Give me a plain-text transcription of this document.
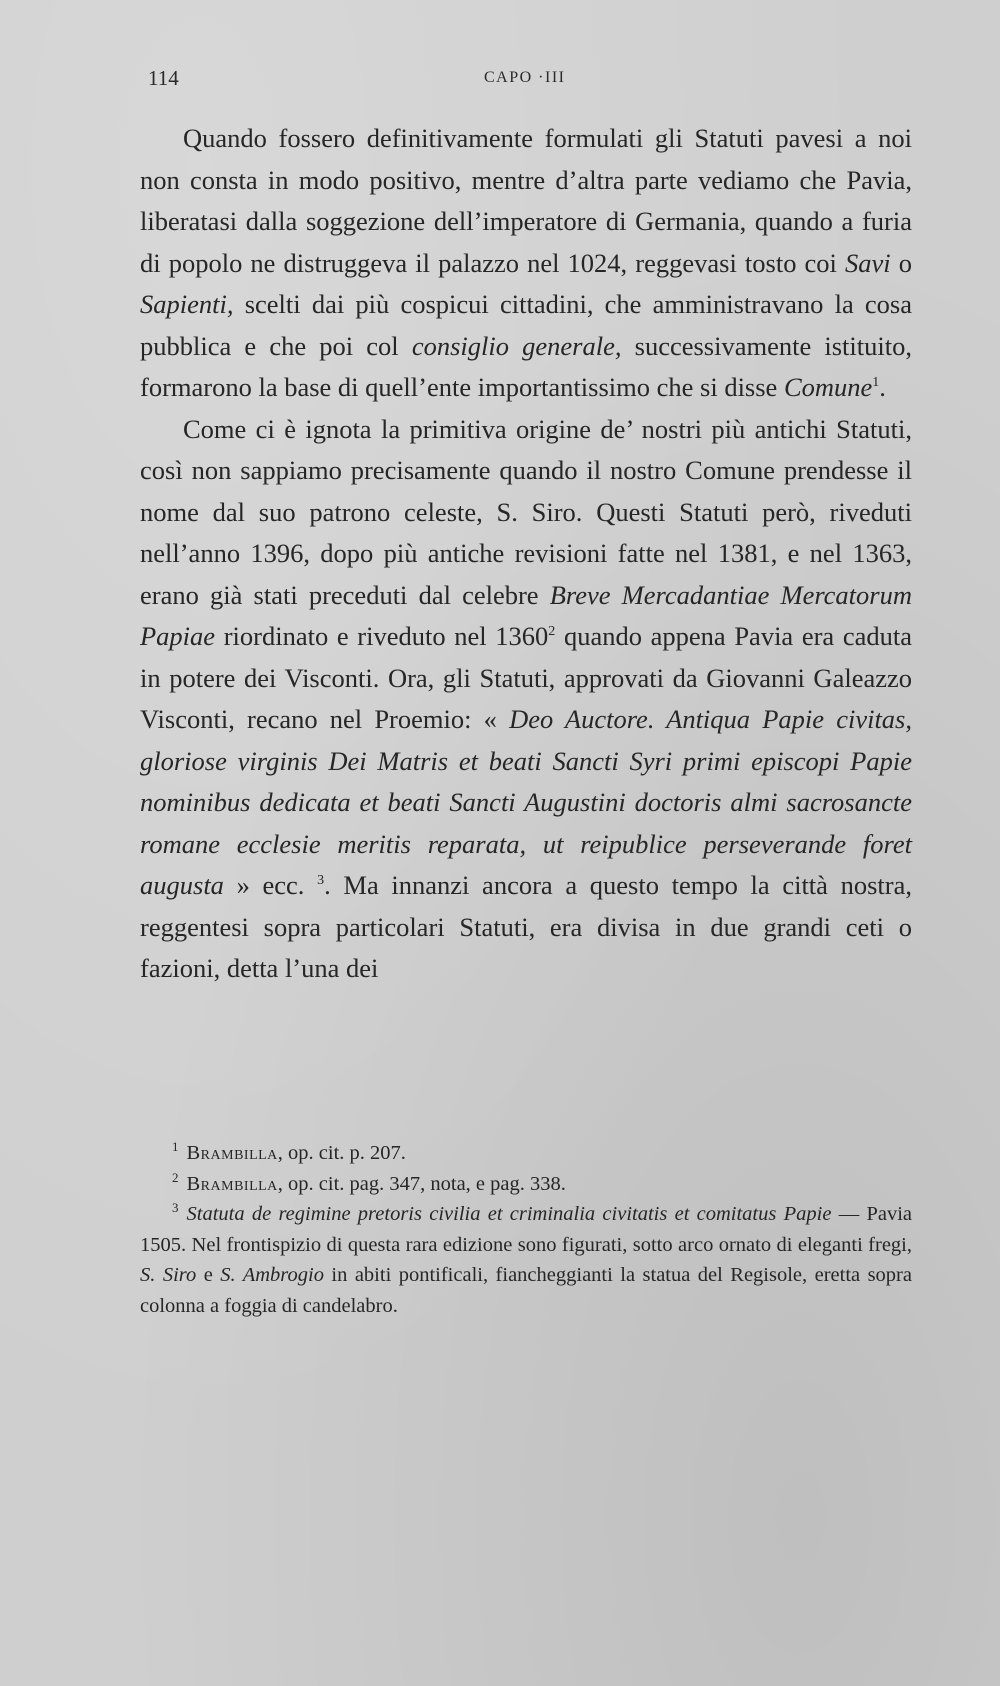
114	CAPO ·III

Quando fossero definitivamente formulati gli Statuti pavesi a noi non consta in modo positivo, mentre d’altra parte vediamo che Pavia, liberatasi dalla soggezione dell’imperatore di Germania, quando a furia di popolo ne distruggeva il palazzo nel 1024, reggevasi tosto coi Savi o Sapienti, scelti dai più cospicui cittadini, che amministravano la cosa pubblica e che poi col consiglio generale, successivamente istituito, formarono la base di quell’ente importantissimo che si disse Comune$^1$.

Come ci è ignota la primitiva origine de’ nostri più antichi Statuti, così non sappiamo precisamente quando il nostro Comune prendesse il nome dal suo patrono celeste, S. Siro. Questi Statuti però, riveduti nell’anno 1396, dopo più antiche revisioni fatte nel 1381, e nel 1363, erano già stati preceduti dal celebre Breve Mercadantiae Mercatorum Papiae riordinato e riveduto nel 1360$^2$ quando appena Pavia era caduta in potere dei Visconti. Ora, gli Statuti, approvati da Giovanni Galeazzo Visconti, recano nel Proemio: « Deo Auctore. Antiqua Papie civitas, gloriose virginis Dei Matris et beati Sancti Syri primi episcopi Papie nominibus dedicata et beati Sancti Augustini doctoris almi sacrosancte romane ecclesie meritis reparata, ut reipublice perseverande foret augusta » ecc. $^3$. Ma innanzi ancora a questo tempo la città nostra, reggentesi sopra particolari Statuti, era divisa in due grandi ceti o fazioni, detta l’una dei

$^1$ Brambilla, op. cit. p. 207.

$^2$ Brambilla, op. cit. pag. 347, nota, e pag. 338.

$^3$ Statuta de regimine pretoris civilia et criminalia civitatis et comitatus Papie — Pavia 1505. Nel frontispizio di questa rara edizione sono figurati, sotto arco ornato di eleganti fregi, S. Siro e S. Ambrogio in abiti pontificali, fiancheggianti la statua del Regisole, eretta sopra colonna a foggia di candelabro.
